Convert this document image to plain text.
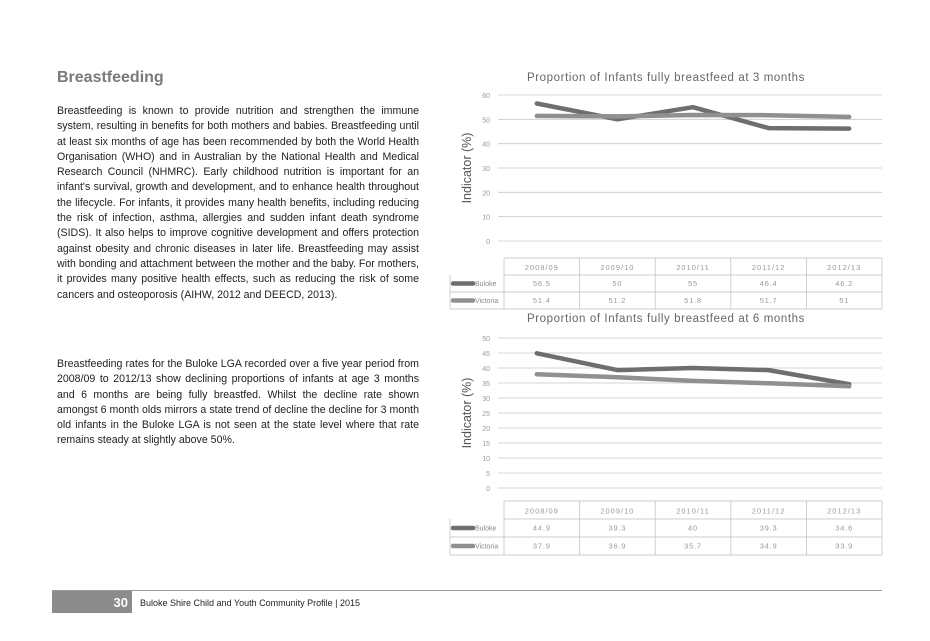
Breastfeeding
Breastfeeding is known to provide nutrition and strengthen the immune system, resulting in benefits for both mothers and babies. Breastfeeding until at least six months of age has been recommended by both the World Health Organisation (WHO) and in Australian by the National Health and Medical Research Council (NHMRC). Early childhood nutrition is important for an infant's survival, growth and development, and to enhance health throughout the lifecycle. For infants, it provides many health benefits, including reducing the risk of infection, asthma, allergies and sudden infant death syndrome (SIDS). It also helps to improve cognitive development and offers protection against obesity and chronic diseases in later life. Breastfeeding may assist with bonding and attachment between the mother and the baby. For mothers, it provides many positive health effects, such as reducing the risk of some cancers and osteoporosis (AIHW, 2012 and DEECD, 2013).
Breastfeeding rates for the Buloke LGA recorded over a five year period from 2008/09 to 2012/13 show declining proportions of infants at age 3 months and 6 months are being fully breastfed. Whilst the decline rate shown amongst 6 month olds mirrors a state trend of decline the decline for 3 month old infants in the Buloke LGA is not seen at the state level where that rate remains steady at slightly above 50%.
Proportion of Infants fully breastfeed at 3 months
Indicator (%)
0
10
20
30
40
50
60
2008/09	2009/10	2010/11	2011/12	2012/13
Buloke	56.5	50	55	46.4	46.2
Victoria	51.4	51.2	51.8	51.7	51
Proportion of Infants fully breastfeed at 6 months
Indicator (%)
0
5
10
15
20
25
30
35
40
45
50
2008/09	2009/10	2010/11	2011/12	2012/13
Buloke	44.9	39.3	40	39.3	34.6
Victoria	37.9	36.9	35.7	34.9	33.9
30 Buloke Shire Child and Youth Community Profile | 2015
